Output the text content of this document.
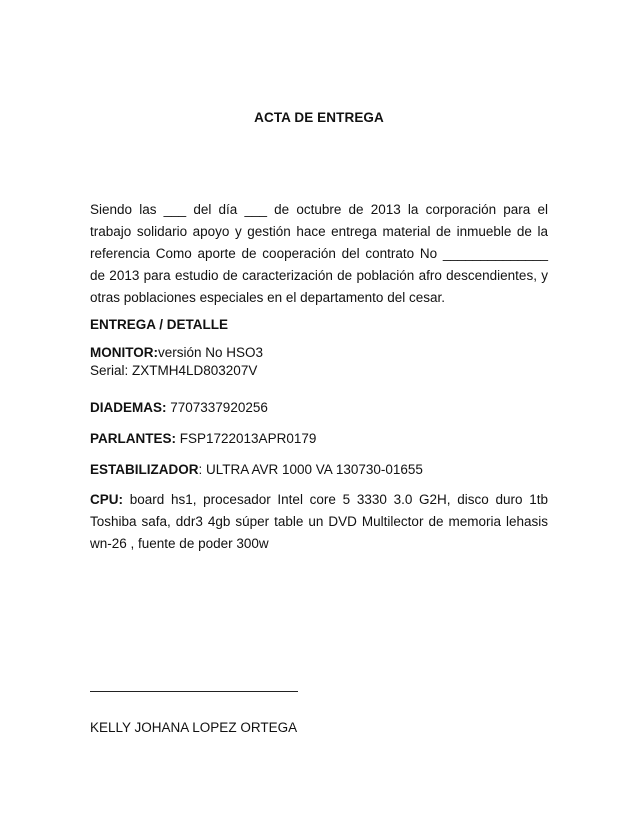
ACTA DE ENTREGA
Siendo las ___ del día ___ de octubre de 2013 la corporación para el trabajo solidario apoyo y gestión hace entrega material de inmueble de la referencia Como aporte de cooperación del contrato No ______________ de 2013 para estudio de caracterización de población afro descendientes, y otras poblaciones especiales en el departamento del cesar.
ENTREGA / DETALLE
MONITOR:versión No HSO3
Serial: ZXTMH4LD803207V
DIADEMAS: 7707337920256
PARLANTES: FSP1722013APR0179
ESTABILIZADOR: ULTRA AVR 1000 VA 130730-01655
CPU: board hs1, procesador Intel core 5 3330 3.0 G2H, disco duro 1tb Toshiba safa, ddr3 4gb súper table un DVD Multilector de memoria lehasis wn-26 , fuente de poder 300w
KELLY JOHANA LOPEZ ORTEGA
